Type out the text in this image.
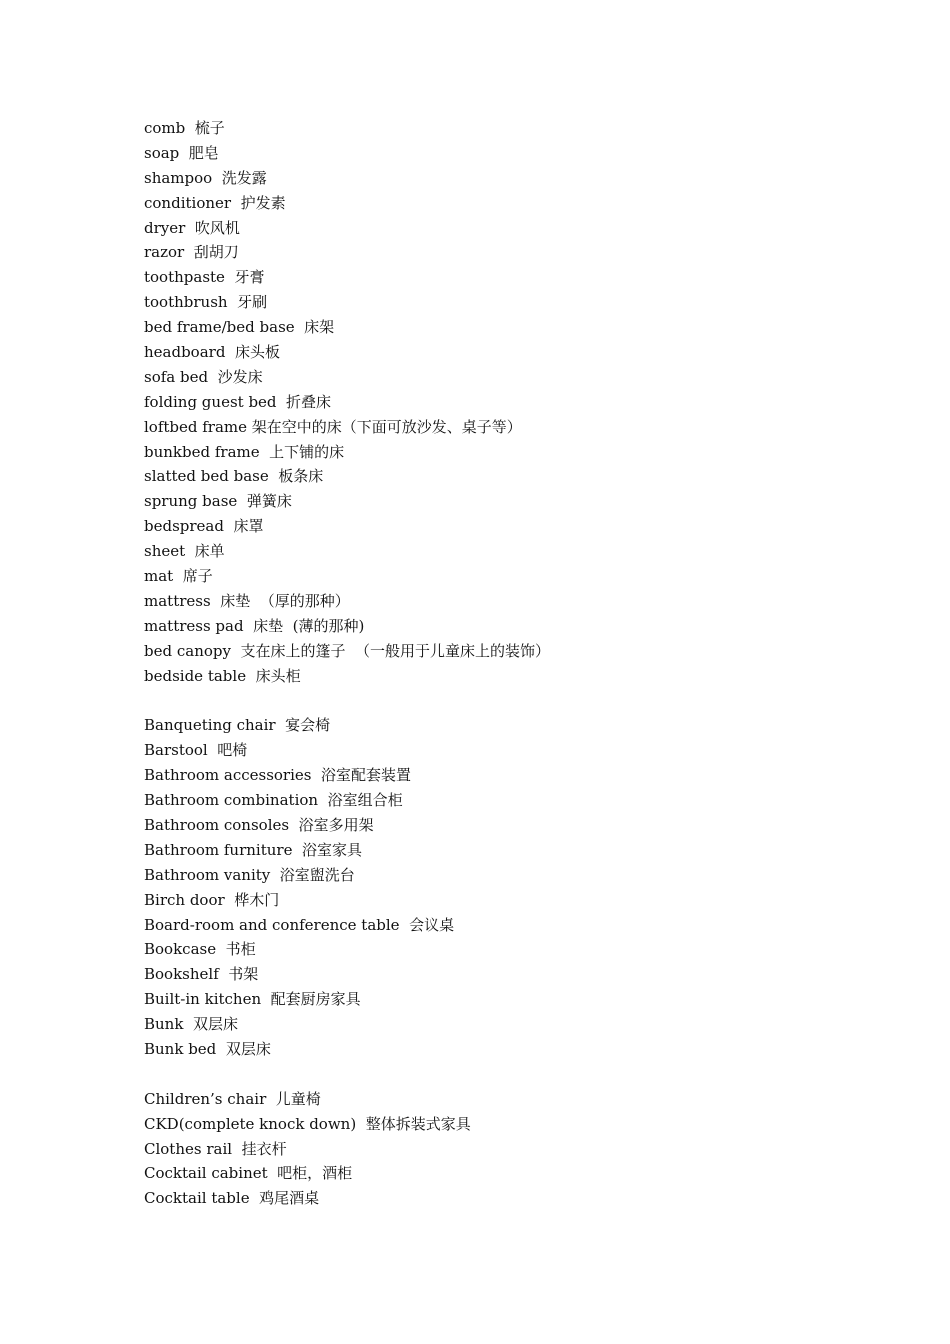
comb  梳子
soap  肥皂
shampoo  洗发露
conditioner  护发素
dryer  吹风机
razor  刮胡刀
toothpaste  牙膏
toothbrush  牙刷
bed frame/bed base  床架
headboard  床头板
sofa bed  沙发床
folding guest bed  折叠床
loftbed frame 架在空中的床（下面可放沙发、桌子等）
bunkbed frame  上下铺的床
slatted bed base  板条床
sprung base  弹簧床
bedspread  床罩
sheet  床单
mat  席子
mattress  床垫  （厚的那种）
mattress pad  床垫  (薄的那种)
bed canopy  支在床上的篷子  （一般用于儿童床上的装饰）
bedside table  床头柜
Banqueting chair  宴会椅
Barstool  吧椅
Bathroom accessories  浴室配套装置
Bathroom combination  浴室组合柜
Bathroom consoles  浴室多用架
Bathroom furniture  浴室家具
Bathroom vanity  浴室盥洗台
Birch door  桦木门
Board-room and conference table  会议桌
Bookcase  书柜
Bookshelf  书架
Built-in kitchen  配套厨房家具
Bunk  双层床
Bunk bed  双层床
Children’s chair  儿童椅
CKD(complete knock down)  整体拆装式家具
Clothes rail  挂衣杆
Cocktail cabinet  吧柜，酒柜
Cocktail table  鸡尾酒桌
